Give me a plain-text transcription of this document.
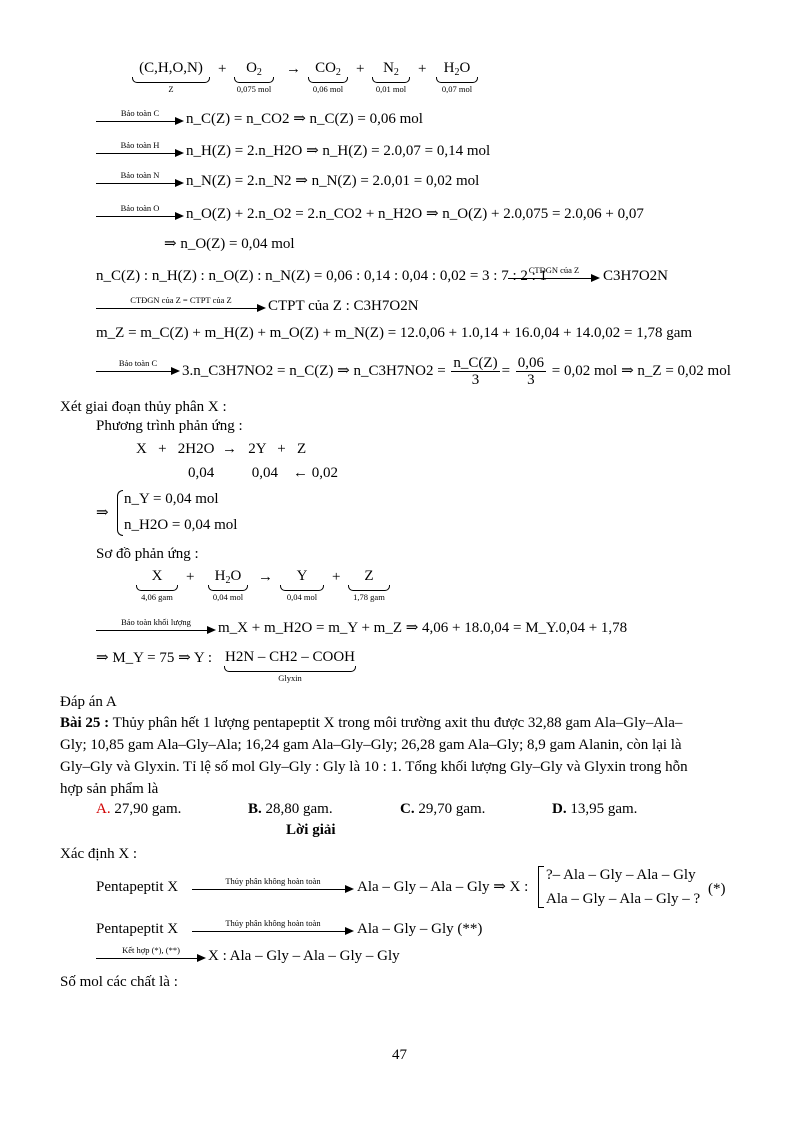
(C,H,O,N)
Z
+	$O_2$
0,075 mol
→ $CO_2$
0,06 mol
+	$N_2$
0,01 mol
+	$H_2O$
0,07 mol
Bảo toàn C	n_C(Z) = n_CO2 ⇒ n_C(Z) = 0,06 mol
Bảo toàn H	n_H(Z) = 2.n_H2O ⇒ n_H(Z) = 2.0,07 = 0,14 mol
Bảo toàn N	n_N(Z) = 2.n_N2 ⇒ n_N(Z) = 2.0,01 = 0,02 mol
Bảo toàn O	n_O(Z) + 2.n_O2 = 2.n_CO2 + n_H2O ⇒ n_O(Z) + 2.0,075 = 2.0,06 + 0,07
⇒ n_O(Z) = 0,04 mol
n_C(Z) : n_H(Z) : n_O(Z) : n_N(Z) = 0,06 : 0,14 : 0,04 : 0,02 = 3 : 7 : 2 : 1
CTĐGN của Z	C3H7O2N
CTĐGN của Z = CTPT của Z	CTPT của Z : C3H7O2N
m_Z = m_C(Z) + m_H(Z) + m_O(Z) + m_N(Z) = 12.0,06 + 1.0,14 + 16.0,04 + 14.0,02 = 1,78 gam
Bảo toàn C	3.n_C3H7NO2 = n_C(Z) ⇒ n_C3H7NO2 = $\frac{n\_C(Z)}{3} = \frac{0,06}{3} = 0,02$ mol ⇒ n_Z = 0,02 mol
Xét giai đoạn thủy phân X :
Phương trình phản ứng :
X   +   2H2O  →   2Y   +   Z
0,04          0,04    ← 0,02
⇒
n_Y = 0,04 mol
n_H2O = 0,04 mol
Sơ đồ phản ứng :
X
4,06 gam
+	$H_2O$
0,04 mol
→	Y
0,04 mol
+	Z
1,78 gam
Bảo toàn khối lượng	m_X + m_H2O = m_Y + m_Z ⇒ 4,06 + 18.0,04 = M_Y.0,04 + 1,78
⇒ M_Y = 75 ⇒ Y : H2N – CH2 – COOH
Glyxin
Đáp án A
Bài 25 : Thủy phân hết 1 lượng pentapeptit X trong môi trường axit thu được 32,88 gam Ala–Gly–Ala–
Gly; 10,85 gam Ala–Gly–Ala; 16,24 gam Ala–Gly–Gly; 26,28 gam Ala–Gly; 8,9 gam Alanin, còn lại là
Gly–Gly và Glyxin. Tỉ lệ số mol Gly–Gly : Gly là 10 : 1. Tổng khối lượng Gly–Gly và Glyxin trong hỗn
hợp sản phẩm là
A. 27,90 gam.	B. 28,80 gam.	C. 29,70 gam.	D. 13,95 gam.
Lời giải
Xác định X :
Pentapeptit X	Thủy phân không hoàn toàn	Ala – Gly – Ala – Gly ⇒ X :
?– Ala – Gly – Ala – Gly
Ala – Gly – Ala – Gly – ?
(*)
Pentapeptit X	Thủy phân không hoàn toàn	Ala – Gly – Gly (**)
Kết hợp (*), (**)	X : Ala – Gly – Ala – Gly – Gly
Số mol các chất là :
47
